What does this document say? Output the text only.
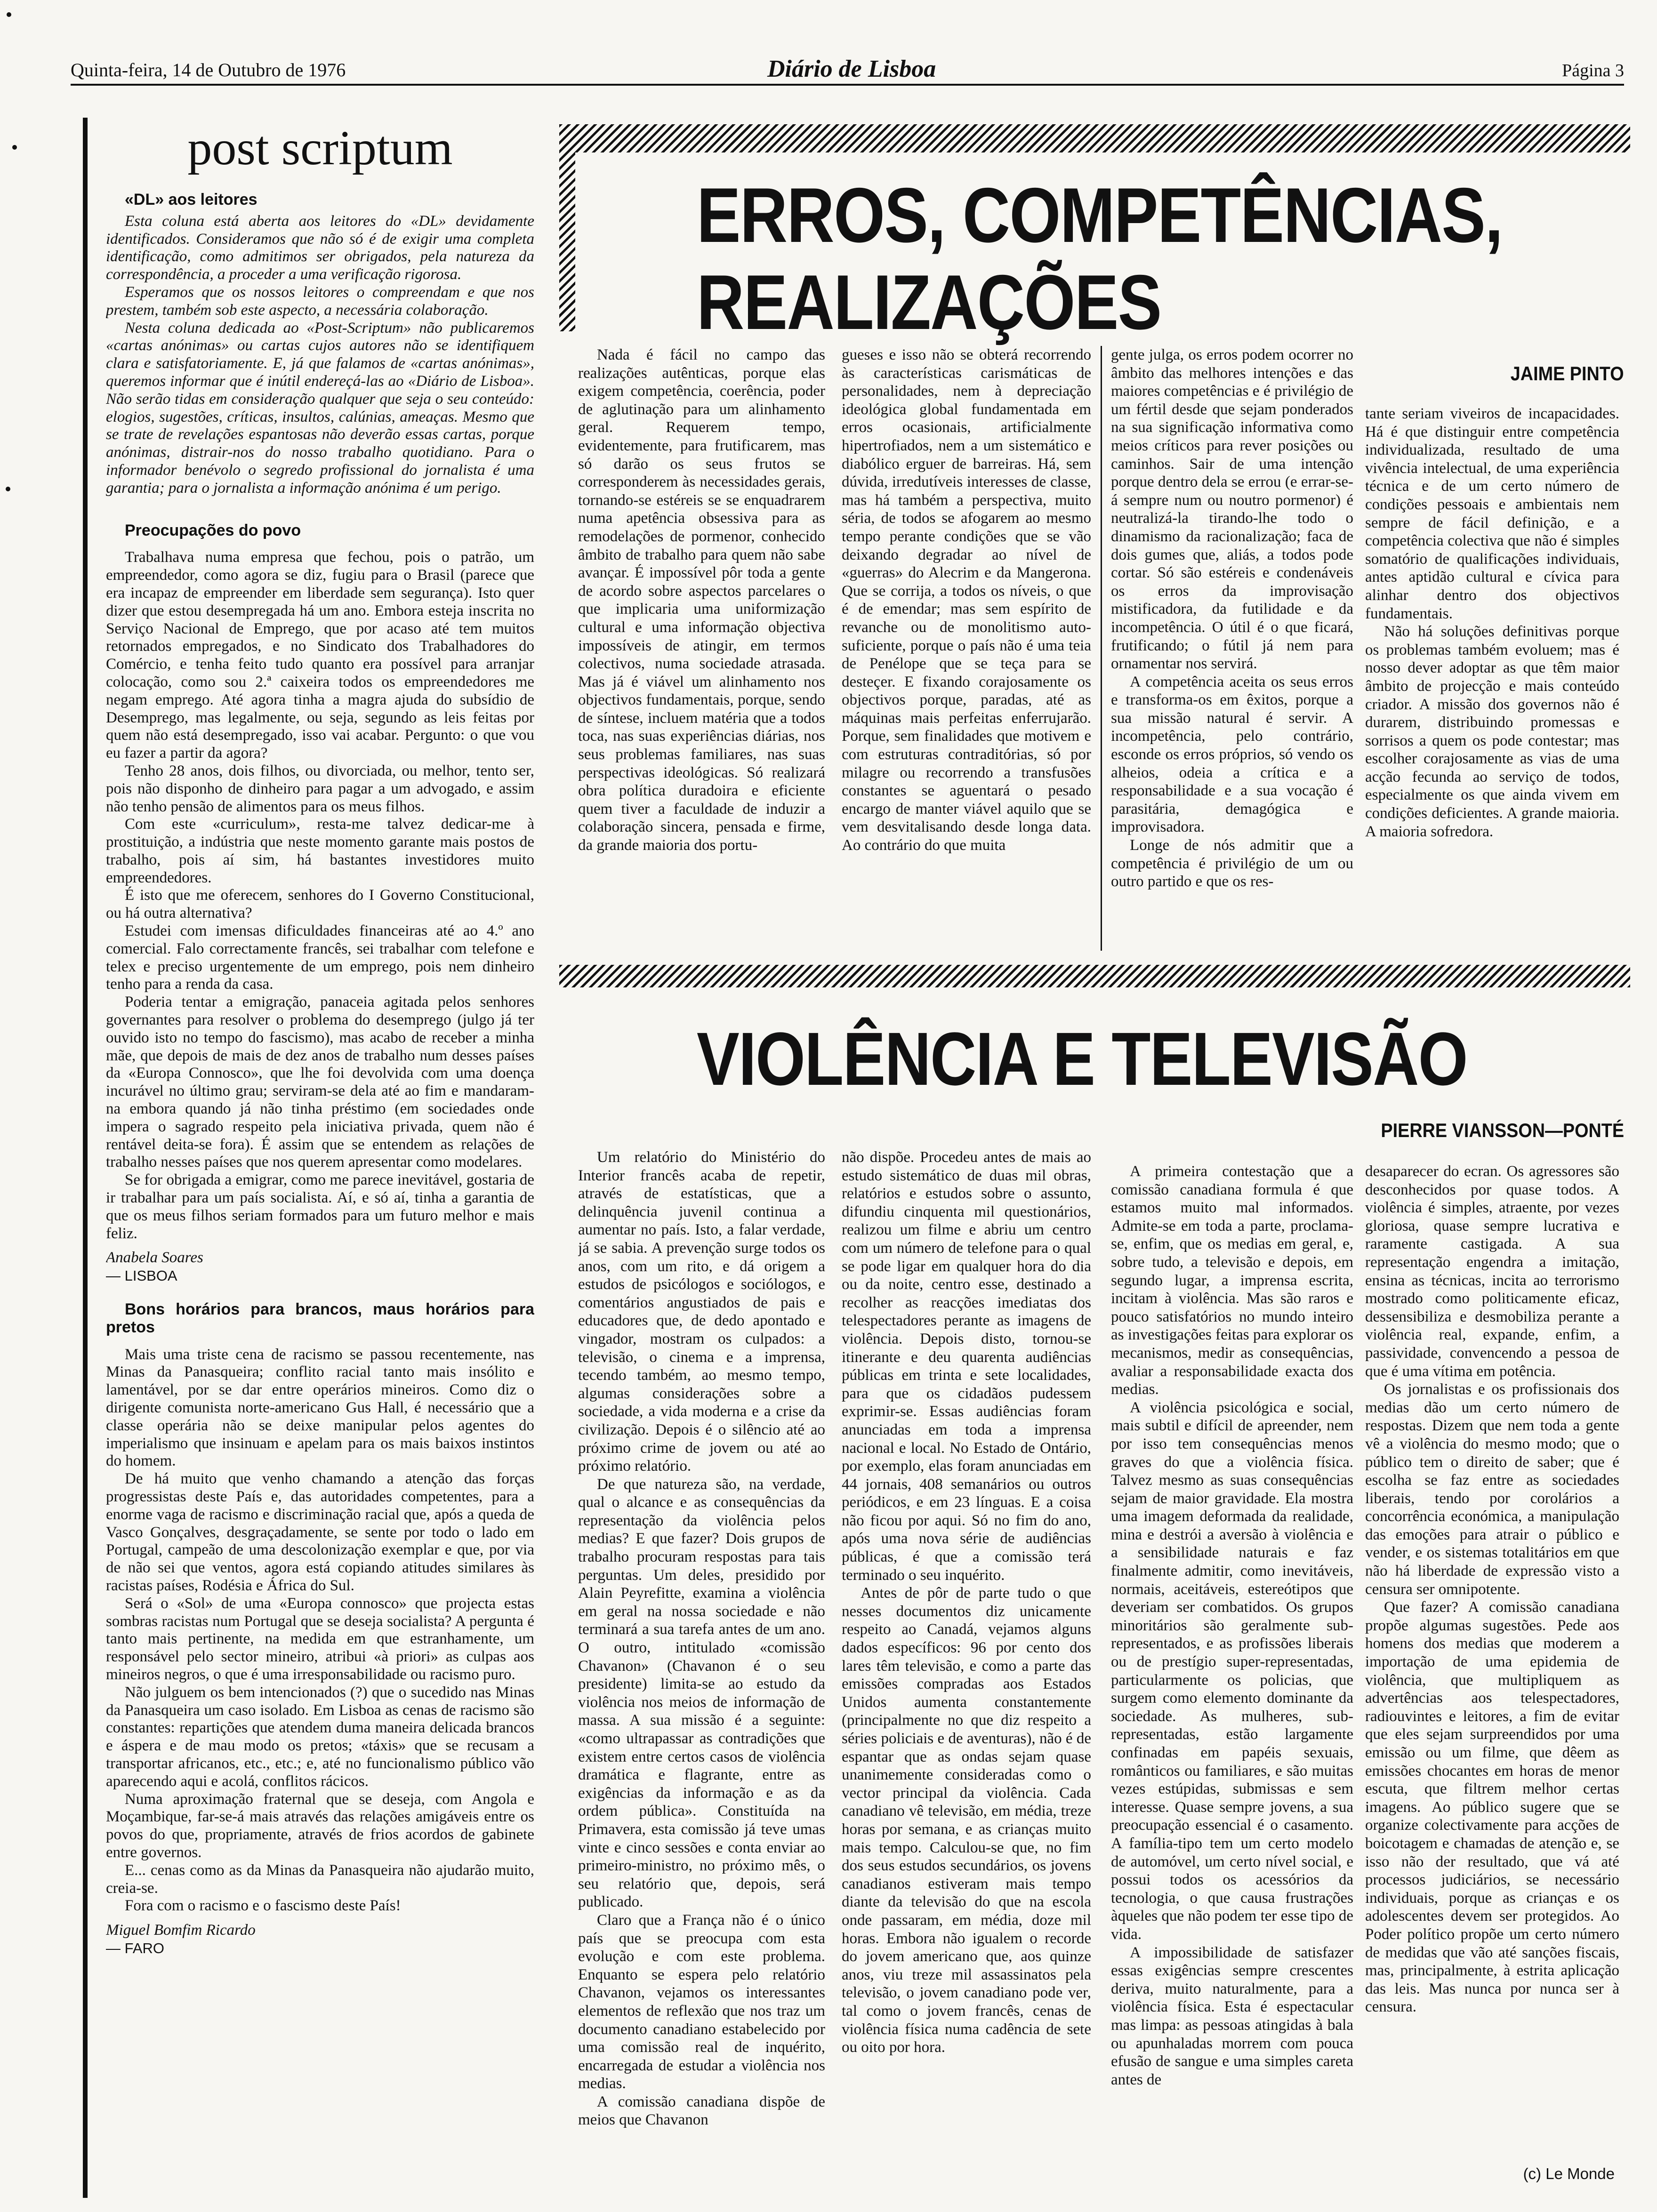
Quinta-feira, 14 de Outubro de 1976	Diário de Lisboa	Página 3
post scriptum

«DL» aos leitores

Esta coluna está aberta aos leitores do «DL» devidamente identificados. Consideramos que não só é de exigir uma completa identificação, como admitimos ser obrigados, pela natureza da correspondência, a proceder a uma verificação rigorosa.

Esperamos que os nossos leitores o compreendam e que nos prestem, também sob este aspecto, a necessária colaboração.

Nesta coluna dedicada ao «Post-Scriptum» não publicaremos «cartas anónimas» ou cartas cujos autores não se identifiquem clara e satisfatoriamente. E, já que falamos de «cartas anónimas», queremos informar que é inútil endereçá-las ao «Diário de Lisboa». Não serão tidas em consideração qualquer que seja o seu conteúdo: elogios, sugestões, críticas, insultos, calúnias, ameaças. Mesmo que se trate de revelações espantosas não deverão essas cartas, porque anónimas, distrair-nos do nosso trabalho quotidiano. Para o informador benévolo o segredo profissional do jornalista é uma garantia; para o jornalista a informação anónima é um perigo.

Preocupações do povo

Trabalhava numa empresa que fechou, pois o patrão, um empreendedor, como agora se diz, fugiu para o Brasil (parece que era incapaz de empreender em liberdade sem segurança). Isto quer dizer que estou desempregada há um ano. Embora esteja inscrita no Serviço Nacional de Emprego, que por acaso até tem muitos retornados empregados, e no Sindicato dos Trabalhadores do Comércio, e tenha feito tudo quanto era possível para arranjar colocação, como sou 2.ª caixeira todos os empreendedores me negam emprego. Até agora tinha a magra ajuda do subsídio de Desemprego, mas legalmente, ou seja, segundo as leis feitas por quem não está desempregado, isso vai acabar. Pergunto: o que vou eu fazer a partir da agora?

Tenho 28 anos, dois filhos, ou divorciada, ou melhor, tento ser, pois não disponho de dinheiro para pagar a um advogado, e assim não tenho pensão de alimentos para os meus filhos.

Com este «curriculum», resta-me talvez dedicar-me à prostituição, a indústria que neste momento garante mais postos de trabalho, pois aí sim, há bastantes investidores muito empreendedores.

É isto que me oferecem, senhores do I Governo Constitucional, ou há outra alternativa?

Estudei com imensas dificuldades financeiras até ao 4.º ano comercial. Falo correctamente francês, sei trabalhar com telefone e telex e preciso urgentemente de um emprego, pois nem dinheiro tenho para a renda da casa.

Poderia tentar a emigração, panaceia agitada pelos senhores governantes para resolver o problema do desemprego (julgo já ter ouvido isto no tempo do fascismo), mas acabo de receber a minha mãe, que depois de mais de dez anos de trabalho num desses países da «Europa Connosco», que lhe foi devolvida com uma doença incurável no último grau; serviram-se dela até ao fim e mandaram-na embora quando já não tinha préstimo (em sociedades onde impera o sagrado respeito pela iniciativa privada, quem não é rentável deita-se fora). É assim que se entendem as relações de trabalho nesses países que nos querem apresentar como modelares.

Se for obrigada a emigrar, como me parece inevitável, gostaria de ir trabalhar para um país socialista. Aí, e só aí, tinha a garantia de que os meus filhos seriam formados para um futuro melhor e mais feliz.

Anabela Soares

— LISBOA

Bons horários para brancos, maus horários para pretos

Mais uma triste cena de racismo se passou recentemente, nas Minas da Panasqueira; conflito racial tanto mais insólito e lamentável, por se dar entre operários mineiros. Como diz o dirigente comunista norte-americano Gus Hall, é necessário que a classe operária não se deixe manipular pelos agentes do imperialismo que insinuam e apelam para os mais baixos instintos do homem.

De há muito que venho chamando a atenção das forças progressistas deste País e, das autoridades competentes, para a enorme vaga de racismo e discriminação racial que, após a queda de Vasco Gonçalves, desgraçadamente, se sente por todo o lado em Portugal, campeão de uma descolonização exemplar e que, por via de não sei que ventos, agora está copiando atitudes similares às racistas países, Rodésia e África do Sul.

Será o «Sol» de uma «Europa connosco» que projecta estas sombras racistas num Portugal que se deseja socialista? A pergunta é tanto mais pertinente, na medida em que estranhamente, um responsável pelo sector mineiro, atribui «à priori» as culpas aos mineiros negros, o que é uma irresponsabilidade ou racismo puro.

Não julguem os bem intencionados (?) que o sucedido nas Minas da Panasqueira um caso isolado. Em Lisboa as cenas de racismo são constantes: repartições que atendem duma maneira delicada brancos e áspera e de mau modo os pretos; «táxis» que se recusam a transportar africanos, etc., etc.; e, até no funcionalismo público vão aparecendo aqui e acolá, conflitos rácicos.

Numa aproximação fraternal que se deseja, com Angola e Moçambique, far-se-á mais através das relações amigáveis entre os povos do que, propriamente, através de frios acordos de gabinete entre governos.

E... cenas como as da Minas da Panasqueira não ajudarão muito, creia-se.

Fora com o racismo e o fascismo deste País!

Miguel Bomfim Ricardo

— FARO

ERROS, COMPETÊNCIAS,
REALIZAÇÕES
JAIME PINTO

Nada é fácil no campo das realizações autênticas, porque elas exigem competência, coerência, poder de aglutinação para um alinhamento geral. Requerem tempo, evidentemente, para frutificarem, mas só darão os seus frutos se corresponderem às necessidades gerais, tornando-se estéreis se se enquadrarem numa apetência obsessiva para as remodelações de pormenor, conhecido âmbito de trabalho para quem não sabe avançar. É impossível pôr toda a gente de acordo sobre aspectos parcelares o que implicaria uma uniformização cultural e uma informação objectiva impossíveis de atingir, em termos colectivos, numa sociedade atrasada. Mas já é viável um alinhamento nos objectivos fundamentais, porque, sendo de síntese, incluem matéria que a todos toca, nas suas experiências diárias, nos seus problemas familiares, nas suas perspectivas ideológicas. Só realizará obra política duradoira e eficiente quem tiver a faculdade de induzir a colaboração sincera, pensada e firme, da grande maioria dos portu-

gueses e isso não se obterá recorrendo às características carismáticas de personalidades, nem à depreciação ideológica global fundamentada em erros ocasionais, artificialmente hipertrofiados, nem a um sistemático e diabólico erguer de barreiras. Há, sem dúvida, irredutíveis interesses de classe, mas há também a perspectiva, muito séria, de todos se afogarem ao mesmo tempo perante condições que se vão deixando degradar ao nível de «guerras» do Alecrim e da Mangerona. Que se corrija, a todos os níveis, o que é de emendar; mas sem espírito de revanche ou de monolitismo auto-suficiente, porque o país não é uma teia de Penélope que se teça para se desteçer. E fixando corajosamente os objectivos porque, paradas, até as máquinas mais perfeitas enferrujarão. Porque, sem finalidades que motivem e com estruturas contraditórias, só por milagre ou recorrendo a transfusões constantes se aguentará o pesado encargo de manter viável aquilo que se vem desvitalisando desde longa data. Ao contrário do que muita

gente julga, os erros podem ocorrer no âmbito das melhores intenções e das maiores competências e é privilégio de um fértil desde que sejam ponderados na sua significação informativa como meios críticos para rever posições ou caminhos. Sair de uma intenção porque dentro dela se errou (e errar-se-á sempre num ou noutro pormenor) é neutralizá-la tirando-lhe todo o dinamismo da racionalização; faca de dois gumes que, aliás, a todos pode cortar. Só são estéreis e condenáveis os erros da improvisação mistificadora, da futilidade e da incompetência. O útil é o que ficará, frutificando; o fútil já nem para ornamentar nos servirá.

A competência aceita os seus erros e transforma-os em êxitos, porque a sua missão natural é servir. A incompetência, pelo contrário, esconde os erros próprios, só vendo os alheios, odeia a crítica e a responsabilidade e a sua vocação é parasitária, demagógica e improvisadora.

Longe de nós admitir que a competência é privilégio de um ou outro partido e que os res-

tante seriam viveiros de incapacidades. Há é que distinguir entre competência individualizada, resultado de uma vivência intelectual, de uma experiência técnica e de um certo número de condições pessoais e ambientais nem sempre de fácil definição, e a competência colectiva que não é simples somatório de qualificações individuais, antes aptidão cultural e cívica para alinhar dentro dos objectivos fundamentais.

Não há soluções definitivas porque os problemas também evoluem; mas é nosso dever adoptar as que têm maior âmbito de projecção e mais conteúdo criador. A missão dos governos não é durarem, distribuindo promessas e sorrisos a quem os pode contestar; mas escolher corajosamente as vias de uma acção fecunda ao serviço de todos, especialmente os que ainda vivem em condições deficientes. A grande maioria. A maioria sofredora.

VIOLÊNCIA E TELEVISÃO
PIERRE VIANSSON—PONTÉ

Um relatório do Ministério do Interior francês acaba de repetir, através de estatísticas, que a delinquência juvenil continua a aumentar no país. Isto, a falar verdade, já se sabia. A prevenção surge todos os anos, com um rito, e dá origem a estudos de psicólogos e sociólogos, e comentários angustiados de pais e educadores que, de dedo apontado e vingador, mostram os culpados: a televisão, o cinema e a imprensa, tecendo também, ao mesmo tempo, algumas considerações sobre a sociedade, a vida moderna e a crise da civilização. Depois é o silêncio até ao próximo crime de jovem ou até ao próximo relatório.

De que natureza são, na verdade, qual o alcance e as consequências da representação da violência pelos medias? E que fazer? Dois grupos de trabalho procuram respostas para tais perguntas. Um deles, presidido por Alain Peyrefitte, examina a violência em geral na nossa sociedade e não terminará a sua tarefa antes de um ano. O outro, intitulado «comissão Chavanon» (Chavanon é o seu presidente) limita-se ao estudo da violência nos meios de informação de massa. A sua missão é a seguinte: «como ultrapassar as contradições que existem entre certos casos de violência dramática e flagrante, entre as exigências da informação e as da ordem pública». Constituída na Primavera, esta comissão já teve umas vinte e cinco sessões e conta enviar ao primeiro-ministro, no próximo mês, o seu relatório que, depois, será publicado.

Claro que a França não é o único país que se preocupa com esta evolução e com este problema. Enquanto se espera pelo relatório Chavanon, vejamos os interessantes elementos de reflexão que nos traz um documento canadiano estabelecido por uma comissão real de inquérito, encarregada de estudar a violência nos medias.

A comissão canadiana dispõe de meios que Chavanon

não dispõe. Procedeu antes de mais ao estudo sistemático de duas mil obras, relatórios e estudos sobre o assunto, difundiu cinquenta mil questionários, realizou um filme e abriu um centro com um número de telefone para o qual se pode ligar em qualquer hora do dia ou da noite, centro esse, destinado a recolher as reacções imediatas dos telespectadores perante as imagens de violência. Depois disto, tornou-se itinerante e deu quarenta audiências públicas em trinta e sete localidades, para que os cidadãos pudessem exprimir-se. Essas audiências foram anunciadas em toda a imprensa nacional e local. No Estado de Ontário, por exemplo, elas foram anunciadas em 44 jornais, 408 semanários ou outros periódicos, e em 23 línguas. E a coisa não ficou por aqui. Só no fim do ano, após uma nova série de audiências públicas, é que a comissão terá terminado o seu inquérito.

Antes de pôr de parte tudo o que nesses documentos diz unicamente respeito ao Canadá, vejamos alguns dados específicos: 96 por cento dos lares têm televisão, e como a parte das emissões compradas aos Estados Unidos aumenta constantemente (principalmente no que diz respeito a séries policiais e de aventuras), não é de espantar que as ondas sejam quase unanimemente consideradas como o vector principal da violência. Cada canadiano vê televisão, em média, treze horas por semana, e as crianças muito mais tempo. Calculou-se que, no fim dos seus estudos secundários, os jovens canadianos estiveram mais tempo diante da televisão do que na escola onde passaram, em média, doze mil horas. Embora não igualem o recorde do jovem americano que, aos quinze anos, viu treze mil assassinatos pela televisão, o jovem canadiano pode ver, tal como o jovem francês, cenas de violência física numa cadência de sete ou oito por hora.

A primeira contestação que a comissão canadiana formula é que estamos muito mal informados. Admite-se em toda a parte, proclama-se, enfim, que os medias em geral, e, sobre tudo, a televisão e depois, em segundo lugar, a imprensa escrita, incitam à violência. Mas são raros e pouco satisfatórios no mundo inteiro as investigações feitas para explorar os mecanismos, medir as consequências, avaliar a responsabilidade exacta dos medias.

A violência psicológica e social, mais subtil e difícil de apreender, nem por isso tem consequências menos graves do que a violência física. Talvez mesmo as suas consequências sejam de maior gravidade. Ela mostra uma imagem deformada da realidade, mina e destrói a aversão à violência e a sensibilidade naturais e faz finalmente admitir, como inevitáveis, normais, aceitáveis, estereótipos que deveriam ser combatidos. Os grupos minoritários são geralmente sub-representados, e as profissões liberais ou de prestígio super-representadas, particularmente os policias, que surgem como elemento dominante da sociedade. As mulheres, sub-representadas, estão largamente confinadas em papéis sexuais, românticos ou familiares, e são muitas vezes estúpidas, submissas e sem interesse. Quase sempre jovens, a sua preocupação essencial é o casamento. A família-tipo tem um certo modelo de automóvel, um certo nível social, e possui todos os acessórios da tecnologia, o que causa frustrações àqueles que não podem ter esse tipo de vida.

A impossibilidade de satisfazer essas exigências sempre crescentes deriva, muito naturalmente, para a violência física. Esta é espectacular mas limpa: as pessoas atingidas à bala ou apunhaladas morrem com pouca efusão de sangue e uma simples careta antes de

desaparecer do ecran. Os agressores são desconhecidos por quase todos. A violência é simples, atraente, por vezes gloriosa, quase sempre lucrativa e raramente castigada. A sua representação engendra a imitação, ensina as técnicas, incita ao terrorismo mostrado como politicamente eficaz, dessensibiliza e desmobiliza perante a violência real, expande, enfim, a passividade, convencendo a pessoa de que é uma vítima em potência.

Os jornalistas e os profissionais dos medias dão um certo número de respostas. Dizem que nem toda a gente vê a violência do mesmo modo; que o público tem o direito de saber; que é escolha se faz entre as sociedades liberais, tendo por corolários a concorrência económica, a manipulação das emoções para atrair o público e vender, e os sistemas totalitários em que não há liberdade de expressão visto a censura ser omnipotente.

Que fazer? A comissão canadiana propõe algumas sugestões. Pede aos homens dos medias que moderem a importação de uma epidemia de violência, que multipliquem as advertências aos telespectadores, radiouvintes e leitores, a fim de evitar que eles sejam surpreendidos por uma emissão ou um filme, que dêem as emissões chocantes em horas de menor escuta, que filtrem melhor certas imagens. Ao público sugere que se organize colectivamente para acções de boicotagem e chamadas de atenção e, se isso não der resultado, que vá até processos judiciários, se necessário individuais, porque as crianças e os adolescentes devem ser protegidos. Ao Poder político propõe um certo número de medidas que vão até sanções fiscais, mas, principalmente, à estrita aplicação das leis. Mas nunca por nunca ser à censura.

(c) Le Monde
